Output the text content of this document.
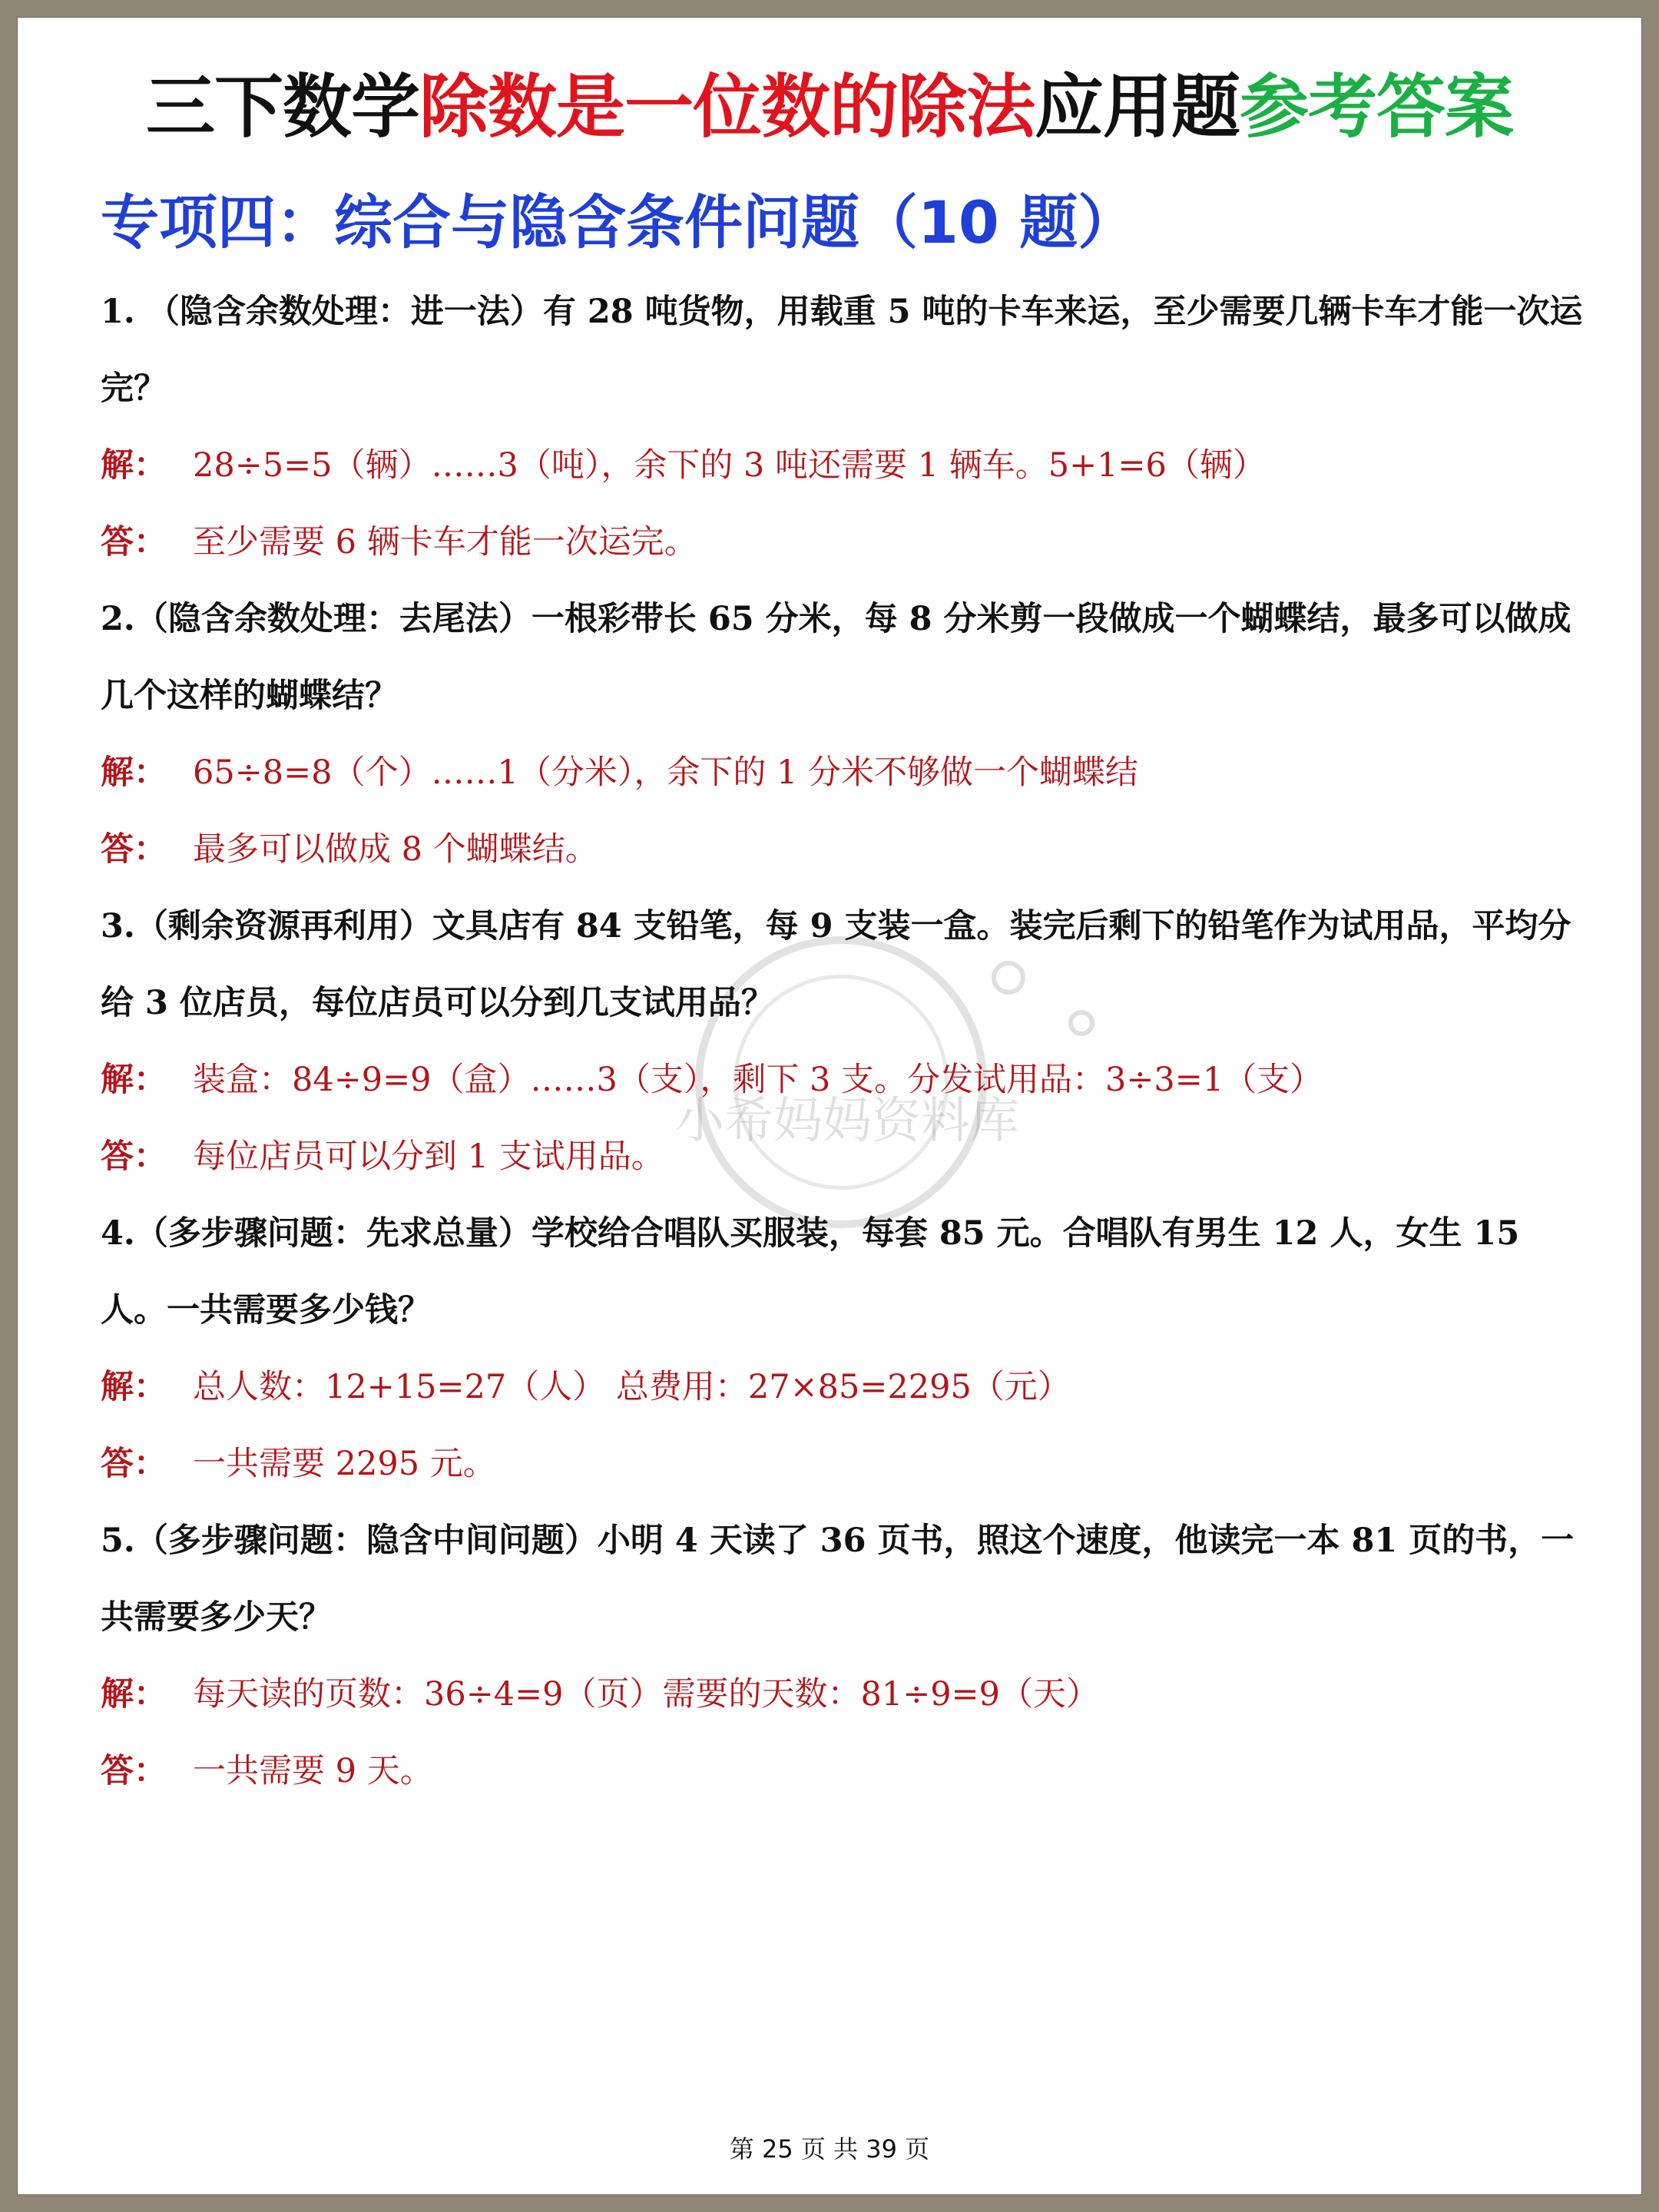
三下数学除数是一位数的除法应用题参考答案
专项四：综合与隐含条件问题（10 题）
小希妈妈资料库

1. （隐含余数处理：进一法）有 28 吨货物，用载重 5 吨的卡车来运，至少需要几辆卡车才能一次运完？

解： 28÷5=5（辆）……3（吨），余下的 3 吨还需要 1 辆车。5+1=6（辆）

答： 至少需要 6 辆卡车才能一次运完。

2.（隐含余数处理：去尾法）一根彩带长 65 分米，每 8 分米剪一段做成一个蝴蝶结，最多可以做成几个这样的蝴蝶结？

解： 65÷8=8（个）……1（分米），余下的 1 分米不够做一个蝴蝶结

答： 最多可以做成 8 个蝴蝶结。

3.（剩余资源再利用）文具店有 84 支铅笔，每 9 支装一盒。装完后剩下的铅笔作为试用品，平均分给 3 位店员，每位店员可以分到几支试用品？

解： 装盒：84÷9=9（盒）……3（支），剩下 3 支。分发试用品：3÷3=1（支）

答： 每位店员可以分到 1 支试用品。

4.（多步骤问题：先求总量）学校给合唱队买服装，每套 85 元。合唱队有男生 12 人，女生 15 人。一共需要多少钱？

解： 总人数：12+15=27（人） 总费用：27×85=2295（元）

答： 一共需要 2295 元。

5.（多步骤问题：隐含中间问题）小明 4 天读了 36 页书，照这个速度，他读完一本 81 页的书，一共需要多少天？

解： 每天读的页数：36÷4=9（页）需要的天数：81÷9=9（天）

答： 一共需要 9 天。

第 25 页 共 39 页
